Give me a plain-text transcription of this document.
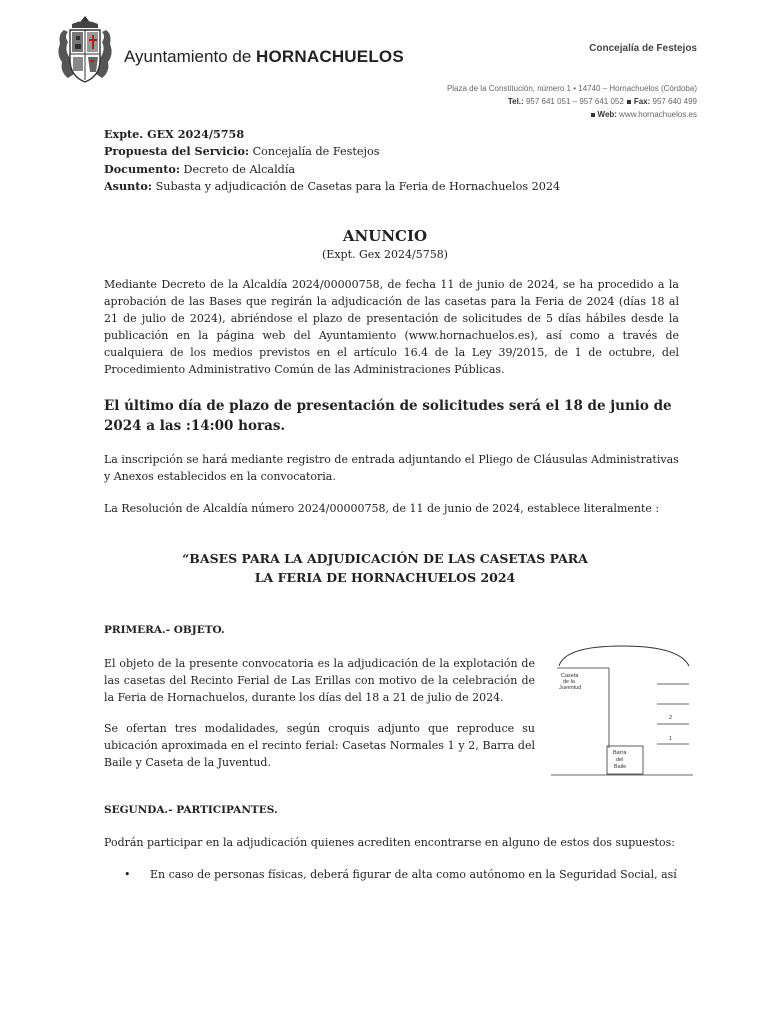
Ayuntamiento de HORNACHUELOS	Concejalía de Festejos
Plaza de la Constitución, número 1 • 14740 – Hornachuelos (Córdoba)
Tel.: 957 641 051 – 957 641 052 Fax: 957 640 499
Web: www.hornachuelos.es
Expte. GEX 2024/5758
Propuesta del Servicio: Concejalía de Festejos
Documento: Decreto de Alcaldía
Asunto: Subasta y adjudicación de Casetas para la Feria de Hornachuelos 2024
ANUNCIO
(Expt. Gex 2024/5758)

Mediante Decreto de la Alcaldía 2024/00000758, de fecha 11 de junio de 2024, se ha procedido a la aprobación de las Bases que regirán la adjudicación de las casetas para la Feria de 2024 (días 18 al 21 de julio de 2024), abriéndose el plazo de presentación de solicitudes de 5 días hábiles desde la publicación en la página web del Ayuntamiento (www.hornachuelos.es), así como a través de cualquiera de los medios previstos en el artículo 16.4 de la Ley 39/2015, de 1 de octubre, del Procedimiento Administrativo Común de las Administraciones Públicas.

El último día de plazo de presentación de solicitudes será el 18 de junio de 2024 a las :14:00 horas.

La inscripción se hará mediante registro de entrada adjuntando el Pliego de Cláusulas Administrativas y Anexos establecidos en la convocatoria.

La Resolución de Alcaldía número 2024/00000758, de 11 de junio de 2024, establece literalmente :

“BASES PARA LA ADJUDICACIÓN DE LAS CASETAS PARA
LA FERIA DE HORNACHUELOS 2024
PRIMERA.- OBJETO.

El objeto de la presente convocatoria es la adjudicación de la explotación de las casetas del Recinto Ferial de Las Erillas con motivo de la celebración de la Feria de Hornachuelos, durante los días del 18 a 21 de julio de 2024.

Se ofertan tres modalidades, según croquis adjunto que reproduce su ubicación aproximada en el recinto ferial: Casetas Normales 1 y 2, Barra del Baile y Caseta de la Juventud.

Caseta
de la
Juventud
2
1
Barra
del
Baile
SEGUNDA.- PARTICIPANTES.

Podrán participar en la adjudicación quienes acrediten encontrarse en alguno de estos dos supuestos:

• En caso de personas físicas, deberá figurar de alta como autónomo en la Seguridad Social, así
